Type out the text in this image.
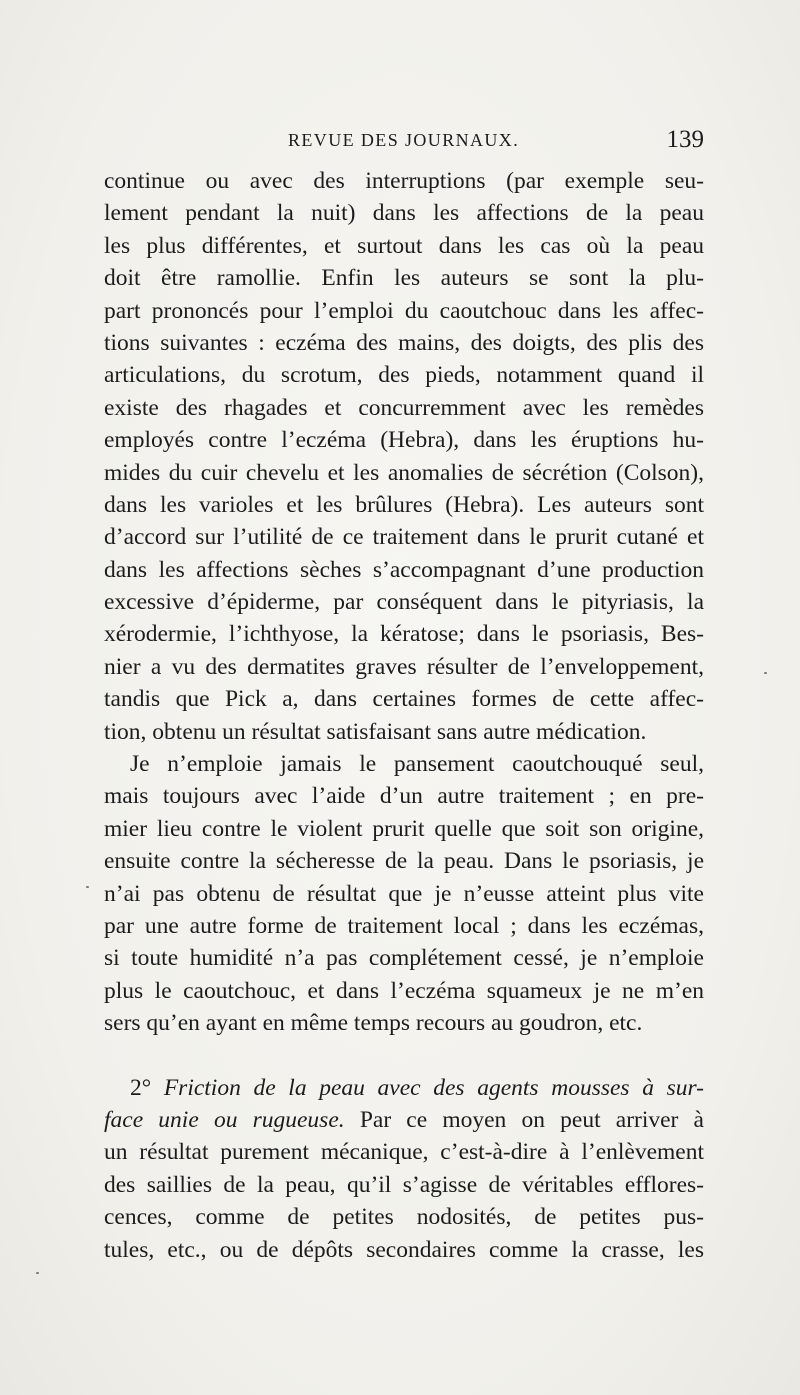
REVUE DES JOURNAUX.	139
continue ou avec des interruptions (par exemple seu-
lement pendant la nuit) dans les affections de la peau
les plus différentes, et surtout dans les cas où la peau
doit être ramollie. Enfin les auteurs se sont la plu-
part prononcés pour l’emploi du caoutchouc dans les affec-
tions suivantes : eczéma des mains, des doigts, des plis des
articulations, du scrotum, des pieds, notamment quand il
existe des rhagades et concurremment avec les remèdes
employés contre l’eczéma (Hebra), dans les éruptions hu-
mides du cuir chevelu et les anomalies de sécrétion (Colson),
dans les varioles et les brûlures (Hebra). Les auteurs sont
d’accord sur l’utilité de ce traitement dans le prurit cutané et
dans les affections sèches s’accompagnant d’une production
excessive d’épiderme, par conséquent dans le pityriasis, la
xérodermie, l’ichthyose, la kératose; dans le psoriasis, Bes-
nier a vu des dermatites graves résulter de l’enveloppement,
tandis que Pick a, dans certaines formes de cette affec-
tion, obtenu un résultat satisfaisant sans autre médication.
Je n’emploie jamais le pansement caoutchouqué seul,
mais toujours avec l’aide d’un autre traitement ; en pre-
mier lieu contre le violent prurit quelle que soit son origine,
ensuite contre la sécheresse de la peau. Dans le psoriasis, je
n’ai pas obtenu de résultat que je n’eusse atteint plus vite
par une autre forme de traitement local ; dans les eczémas,
si toute humidité n’a pas complétement cessé, je n’emploie
plus le caoutchouc, et dans l’eczéma squameux je ne m’en
sers qu’en ayant en même temps recours au goudron, etc.
2° Friction de la peau avec des agents mousses à sur-
face unie ou rugueuse. Par ce moyen on peut arriver à
un résultat purement mécanique, c’est-à-dire à l’enlèvement
des saillies de la peau, qu’il s’agisse de véritables efflores-
cences, comme de petites nodosités, de petites pus-
tules, etc., ou de dépôts secondaires comme la crasse, les
